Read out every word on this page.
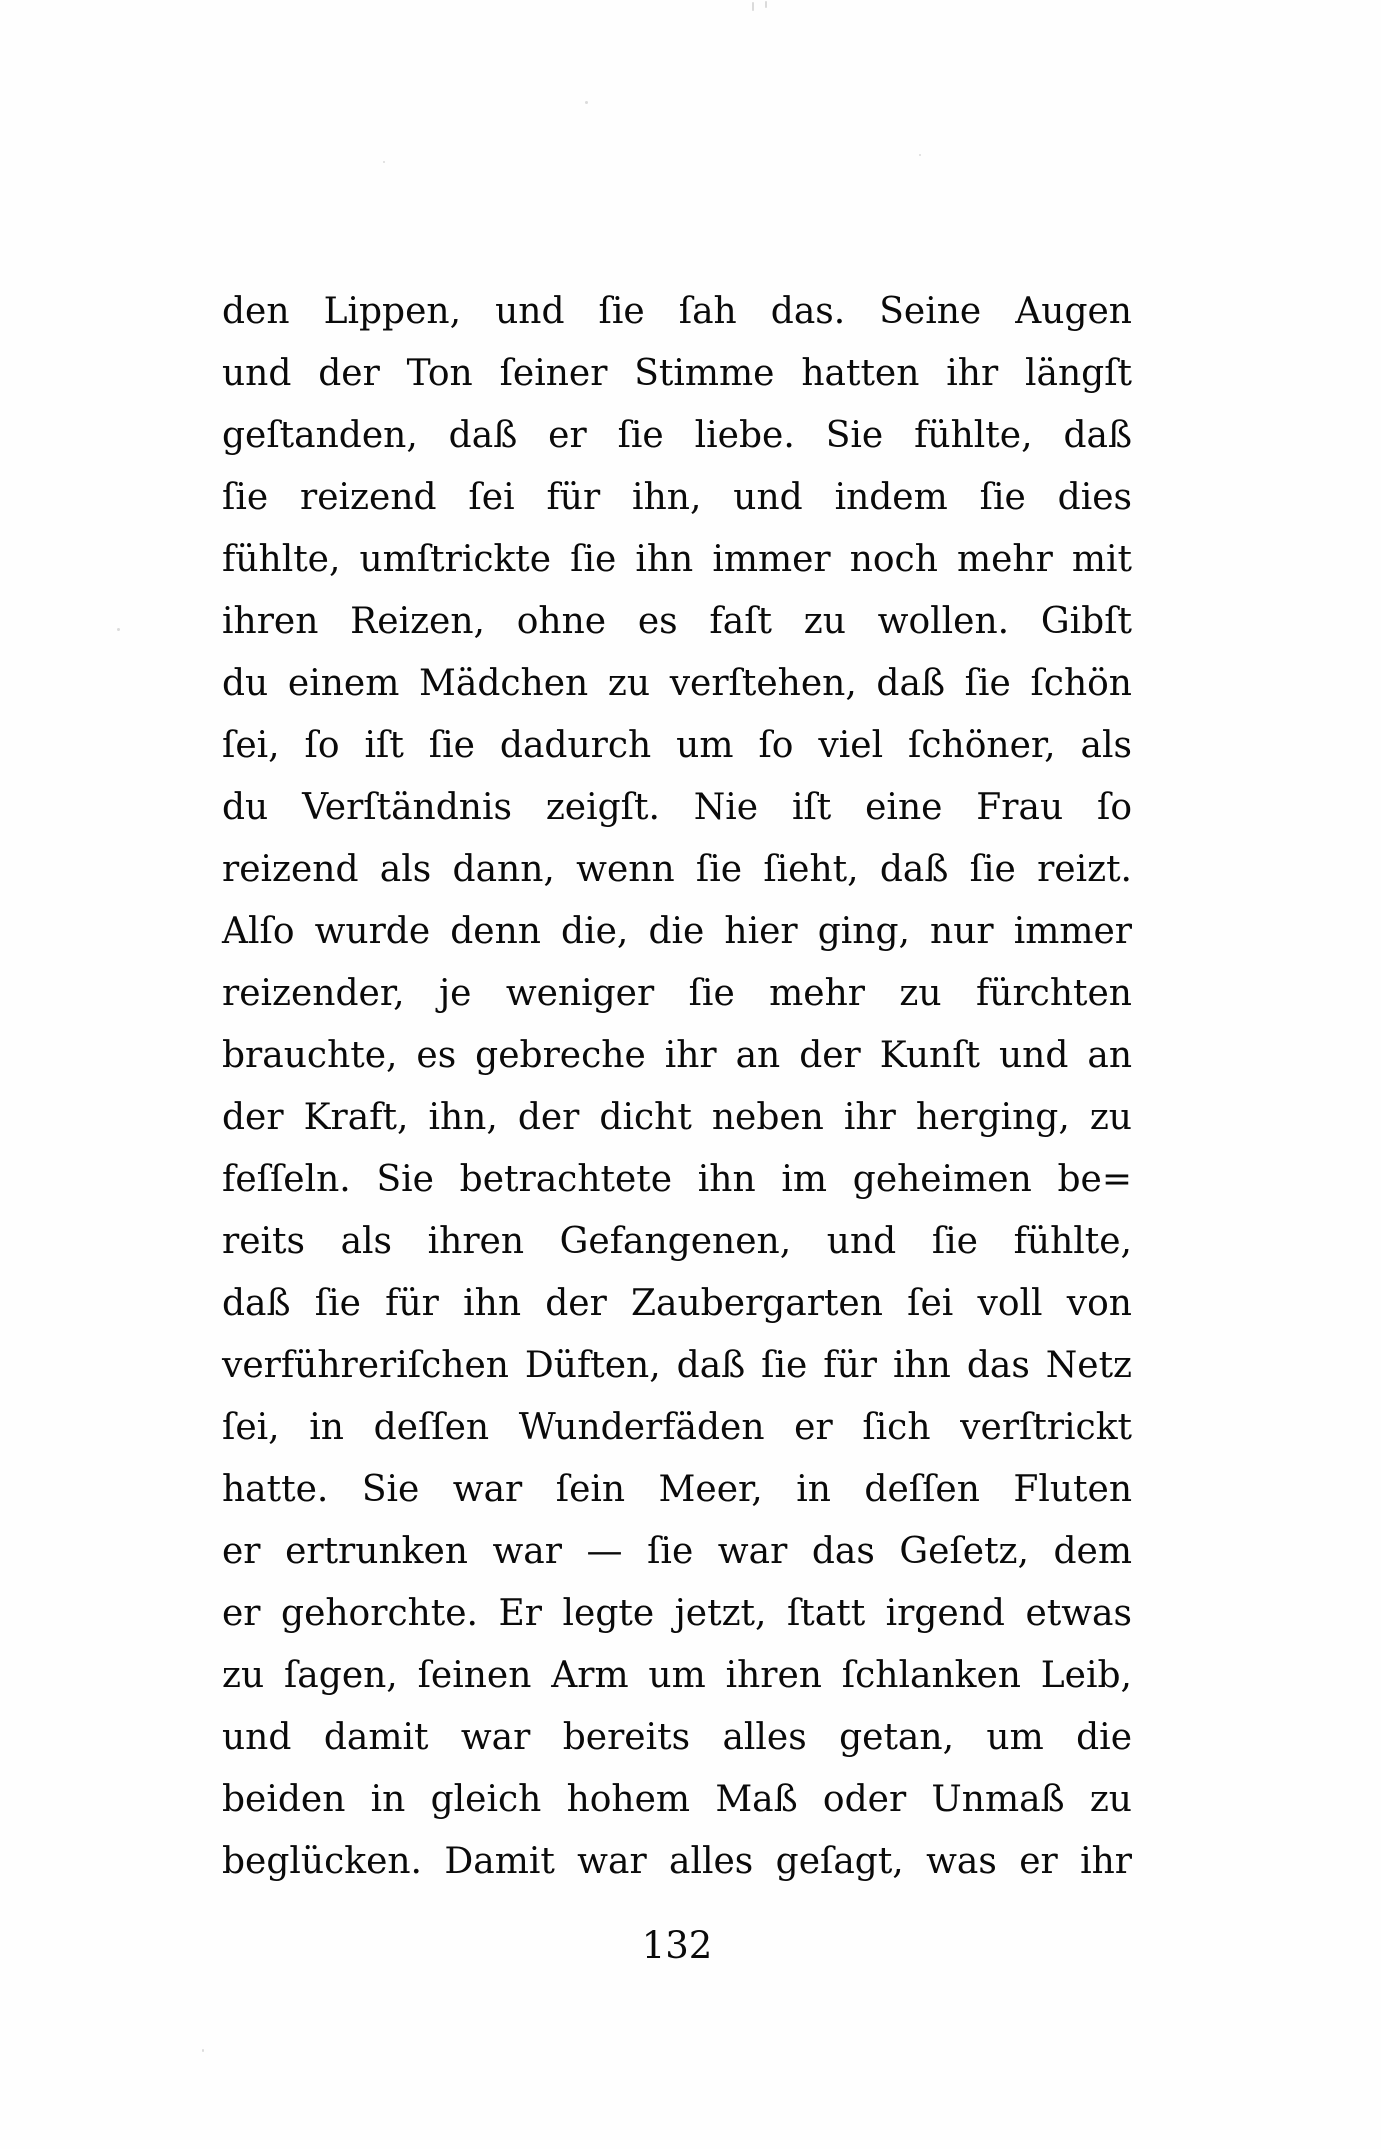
den Lippen, und ſie ſah das. Seine Augen
und der Ton ſeiner Stimme hatten ihr längſt
geſtanden, daß er ſie liebe. Sie fühlte, daß
ſie reizend ſei für ihn, und indem ſie dies
fühlte, umſtrickte ſie ihn immer noch mehr mit
ihren Reizen, ohne es faſt zu wollen. Gibſt
du einem Mädchen zu verſtehen, daß ſie ſchön
ſei, ſo iſt ſie dadurch um ſo viel ſchöner, als
du Verſtändnis zeigſt. Nie iſt eine Frau ſo
reizend als dann, wenn ſie ſieht, daß ſie reizt.
Alſo wurde denn die, die hier ging, nur immer
reizender, je weniger ſie mehr zu fürchten
brauchte, es gebreche ihr an der Kunſt und an
der Kraft, ihn, der dicht neben ihr herging, zu
feſſeln. Sie betrachtete ihn im geheimen be=
reits als ihren Gefangenen, und ſie fühlte,
daß ſie für ihn der Zaubergarten ſei voll von
verführeriſchen Düften, daß ſie für ihn das Netz
ſei, in deſſen Wunderfäden er ſich verſtrickt
hatte. Sie war ſein Meer, in deſſen Fluten
er ertrunken war — ſie war das Geſetz, dem
er gehorchte. Er legte jetzt, ſtatt irgend etwas
zu ſagen, ſeinen Arm um ihren ſchlanken Leib,
und damit war bereits alles getan, um die
beiden in gleich hohem Maß oder Unmaß zu
beglücken. Damit war alles geſagt, was er ihr
132
